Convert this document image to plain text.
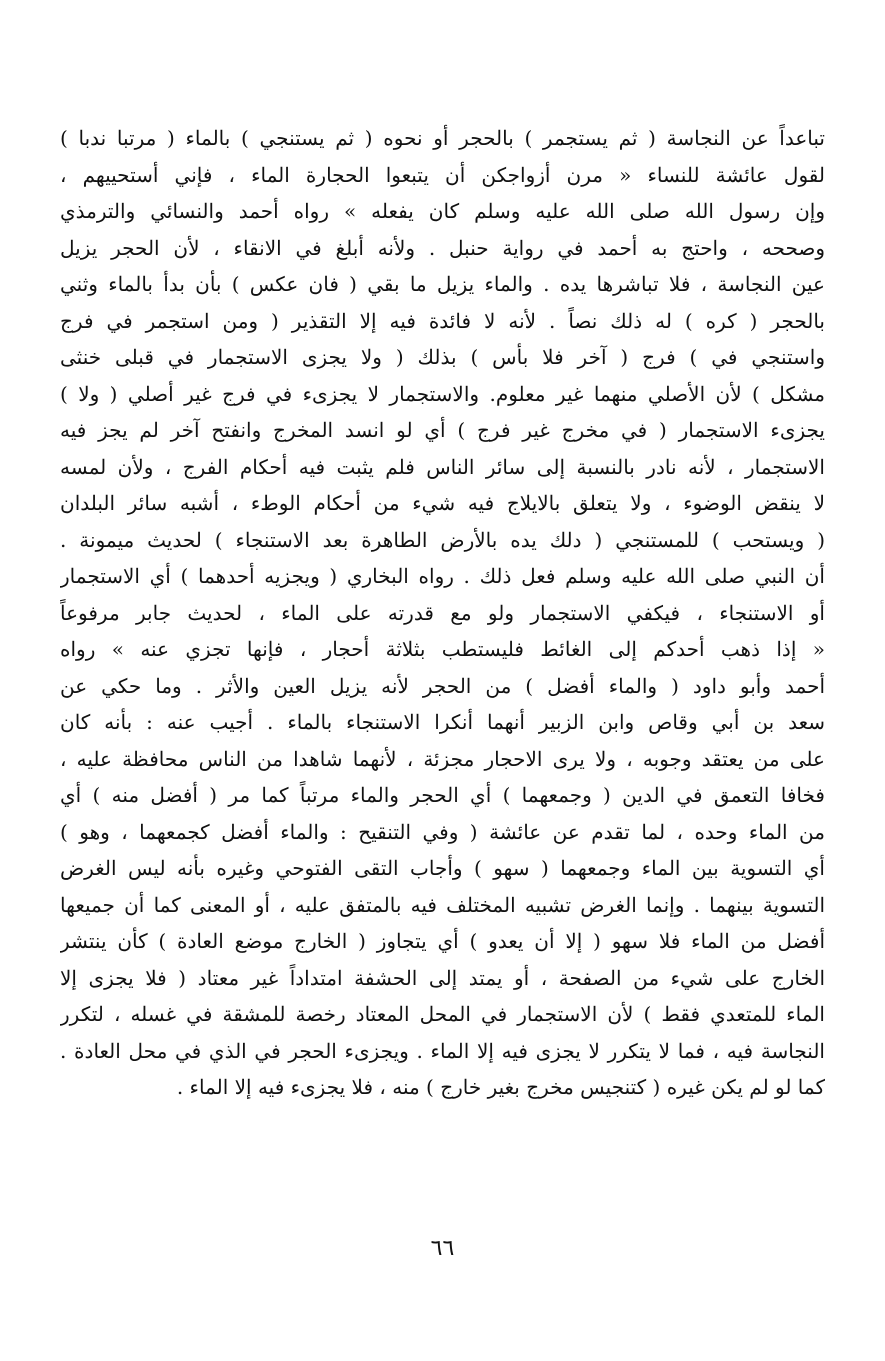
تباعداً عن النجاسة ( ثم يستجمر ) بالحجر أو نحوه ( ثم يستنجي ) بالماء ( مرتبا ندبا )
لقول عائشة للنساء « مرن أزواجكن أن يتبعوا الحجارة الماء ، فإني أستحييهم ،
وإن رسول الله صلى الله عليه وسلم كان يفعله » رواه أحمد والنسائي والترمذي
وصححه ، واحتج به أحمد في رواية حنبل . ولأنه أبلغ في الانقاء ، لأن الحجر يزيل
عين النجاسة ، فلا تباشرها يده . والماء يزيل ما بقي ( فان عكس ) بأن بدأ بالماء وثني
بالحجر ( كره ) له ذلك نصاً . لأنه لا فائدة فيه إلا التقذير ( ومن استجمر في فرج
واستنجي في ) فرج ( آخر فلا بأس ) بذلك ( ولا يجزى الاستجمار في قبلى خنثى
مشكل ) لأن الأصلي منهما غير معلوم. والاستجمار لا يجزىء في فرج غير أصلي ( ولا )
يجزىء الاستجمار ( في مخرج غير فرج ) أي لو انسد المخرج وانفتح آخر لم يجز فيه
الاستجمار ، لأنه نادر بالنسبة إلى سائر الناس فلم يثبت فيه أحكام الفرج ، ولأن لمسه
لا ينقض الوضوء ، ولا يتعلق بالايلاج فيه شيء من أحكام الوطء ، أشبه سائر البلدان
( ويستحب ) للمستنجي ( دلك يده بالأرض الطاهرة بعد الاستنجاء ) لحديث ميمونة .
أن النبي صلى الله عليه وسلم فعل ذلك . رواه البخاري ( ويجزيه أحدهما ) أي الاستجمار
أو الاستنجاء ، فيكفي الاستجمار ولو مع قدرته على الماء ، لحديث جابر مرفوعاً
« إذا ذهب أحدكم إلى الغائط فليستطب بثلاثة أحجار ، فإنها تجزي عنه » رواه
أحمد وأبو داود ( والماء أفضل ) من الحجر لأنه يزيل العين والأثر . وما حكي عن
سعد بن أبي وقاص وابن الزبير أنهما أنكرا الاستنجاء بالماء . أجيب عنه : بأنه كان
على من يعتقد وجوبه ، ولا يرى الاحجار مجزئة ، لأنهما شاهدا من الناس محافظة عليه ،
فخافا التعمق في الدين ( وجمعهما ) أي الحجر والماء مرتباً كما مر ( أفضل منه ) أي
من الماء وحده ، لما تقدم عن عائشة ( وفي التنقيح : والماء أفضل كجمعهما ، وهو )
أي التسوية بين الماء وجمعهما ( سهو ) وأجاب التقى الفتوحي وغيره بأنه ليس الغرض
التسوية بينهما . وإنما الغرض تشبيه المختلف فيه بالمتفق عليه ، أو المعنى كما أن جميعها
أفضل من الماء فلا سهو ( إلا أن يعدو ) أي يتجاوز ( الخارج موضع العادة ) كأن ينتشر
الخارج على شيء من الصفحة ، أو يمتد إلى الحشفة امتداداً غير معتاد ( فلا يجزى إلا
الماء للمتعدي فقط ) لأن الاستجمار في المحل المعتاد رخصة للمشقة في غسله ، لتكرر
النجاسة فيه ، فما لا يتكرر لا يجزى فيه إلا الماء . ويجزىء الحجر في الذي في محل العادة .
كما لو لم يكن غيره ( كتنجيس مخرج بغير خارج ) منه ، فلا يجزىء فيه إلا الماء .
٦٦
